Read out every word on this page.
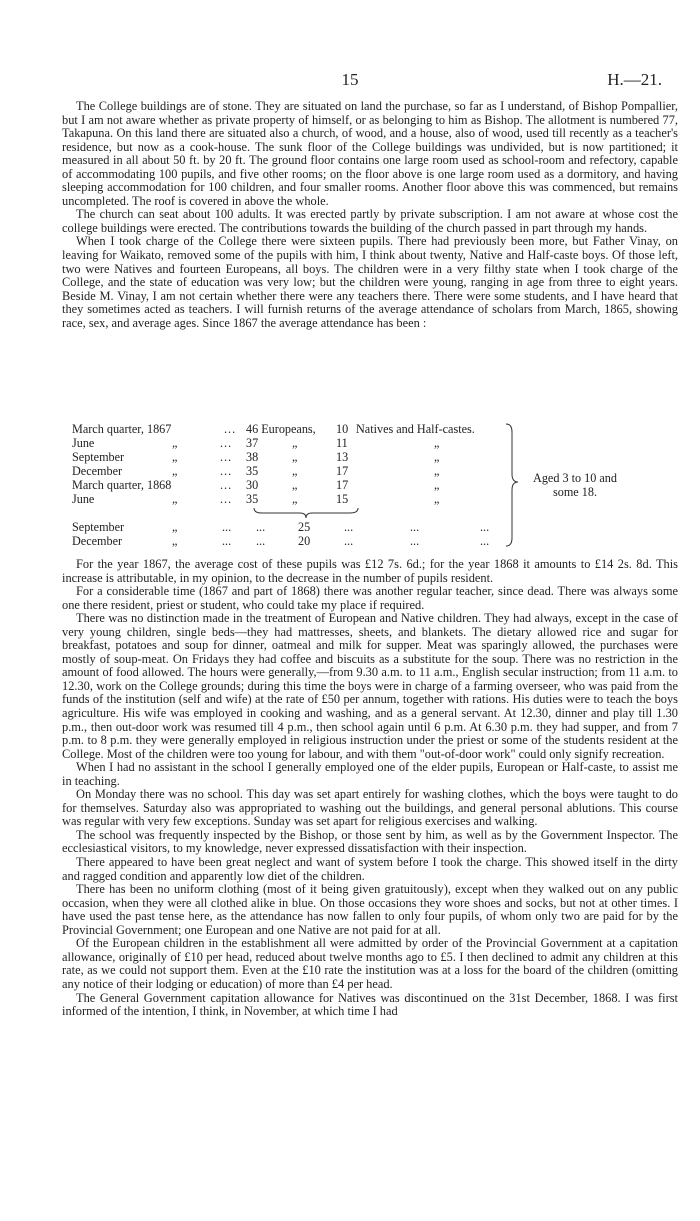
15	H.—21.

The College buildings are of stone. They are situated on land the purchase, so far as I understand, of Bishop Pompallier, but I am not aware whether as private property of himself, or as belonging to him as Bishop. The allotment is numbered 77, Takapuna. On this land there are situated also a church, of wood, and a house, also of wood, used till recently as a teacher's residence, but now as a cook-house. The sunk floor of the College buildings was undivided, but is now partitioned; it measured in all about 50 ft. by 20 ft. The ground floor contains one large room used as school-room and refectory, capable of accommodating 100 pupils, and five other rooms; on the floor above is one large room used as a dormitory, and having sleeping accommodation for 100 children, and four smaller rooms. Another floor above this was commenced, but remains uncompleted. The roof is covered in above the whole.

The church can seat about 100 adults. It was erected partly by private subscription. I am not aware at whose cost the college buildings were erected. The contributions towards the building of the church passed in part through my hands.

When I took charge of the College there were sixteen pupils. There had previously been more, but Father Vinay, on leaving for Waikato, removed some of the pupils with him, I think about twenty, Native and Half-caste boys. Of those left, two were Natives and fourteen Europeans, all boys. The children were in a very filthy state when I took charge of the College, and the state of education was very low; but the children were young, ranging in age from three to eight years. Beside M. Vinay, I am not certain whether there were any teachers there. There were some students, and I have heard that they sometimes acted as teachers. I will furnish returns of the average attendance of scholars from March, 1865, showing race, sex, and average ages. Since 1867 the average attendance has been :

March quarter, 1867	... 46 Europeans, 10 Natives and Half-castes.
June	„	... 37	„	11	„
September	„	... 38	„	13	„
December	„	... 35	„	17	„
March quarter, 1868	... 30	„	17	„
June	„	... 35	„	15	„
September	„	... ...	25	...	...	...
December	„	... ...	20	...	...	...
Aged 3 to 10 and
some 18.

For the year 1867, the average cost of these pupils was £12 7s. 6d.; for the year 1868 it amounts to £14 2s. 8d. This increase is attributable, in my opinion, to the decrease in the number of pupils resident.

For a considerable time (1867 and part of 1868) there was another regular teacher, since dead. There was always some one there resident, priest or student, who could take my place if required.

There was no distinction made in the treatment of European and Native children. They had always, except in the case of very young children, single beds—they had mattresses, sheets, and blankets. The dietary allowed rice and sugar for breakfast, potatoes and soup for dinner, oatmeal and milk for supper. Meat was sparingly allowed, the purchases were mostly of soup-meat. On Fridays they had coffee and biscuits as a substitute for the soup. There was no restriction in the amount of food allowed. The hours were generally,—from 9.30 a.m. to 11 a.m., English secular instruction; from 11 a.m. to 12.30, work on the College grounds; during this time the boys were in charge of a farming overseer, who was paid from the funds of the institution (self and wife) at the rate of £50 per annum, together with rations. His duties were to teach the boys agriculture. His wife was employed in cooking and washing, and as a general servant. At 12.30, dinner and play till 1.30 p.m., then out-door work was resumed till 4 p.m., then school again until 6 p.m. At 6.30 p.m. they had supper, and from 7 p.m. to 8 p.m. they were generally employed in religious instruction under the priest or some of the students resident at the College. Most of the children were too young for labour, and with them "out-of-door work" could only signify recreation.

When I had no assistant in the school I generally employed one of the elder pupils, European or Half-caste, to assist me in teaching.

On Monday there was no school. This day was set apart entirely for washing clothes, which the boys were taught to do for themselves. Saturday also was appropriated to washing out the buildings, and general personal ablutions. This course was regular with very few exceptions. Sunday was set apart for religious exercises and walking.

The school was frequently inspected by the Bishop, or those sent by him, as well as by the Government Inspector. The ecclesiastical visitors, to my knowledge, never expressed dissatisfaction with their inspection.

There appeared to have been great neglect and want of system before I took the charge. This showed itself in the dirty and ragged condition and apparently low diet of the children.

There has been no uniform clothing (most of it being given gratuitously), except when they walked out on any public occasion, when they were all clothed alike in blue. On those occasions they wore shoes and socks, but not at other times. I have used the past tense here, as the attendance has now fallen to only four pupils, of whom only two are paid for by the Provincial Government; one European and one Native are not paid for at all.

Of the European children in the establishment all were admitted by order of the Provincial Government at a capitation allowance, originally of £10 per head, reduced about twelve months ago to £5. I then declined to admit any children at this rate, as we could not support them. Even at the £10 rate the institution was at a loss for the board of the children (omitting any notice of their lodging or education) of more than £4 per head.

The General Government capitation allowance for Natives was discontinued on the 31st December, 1868. I was first informed of the intention, I think, in November, at which time I had
